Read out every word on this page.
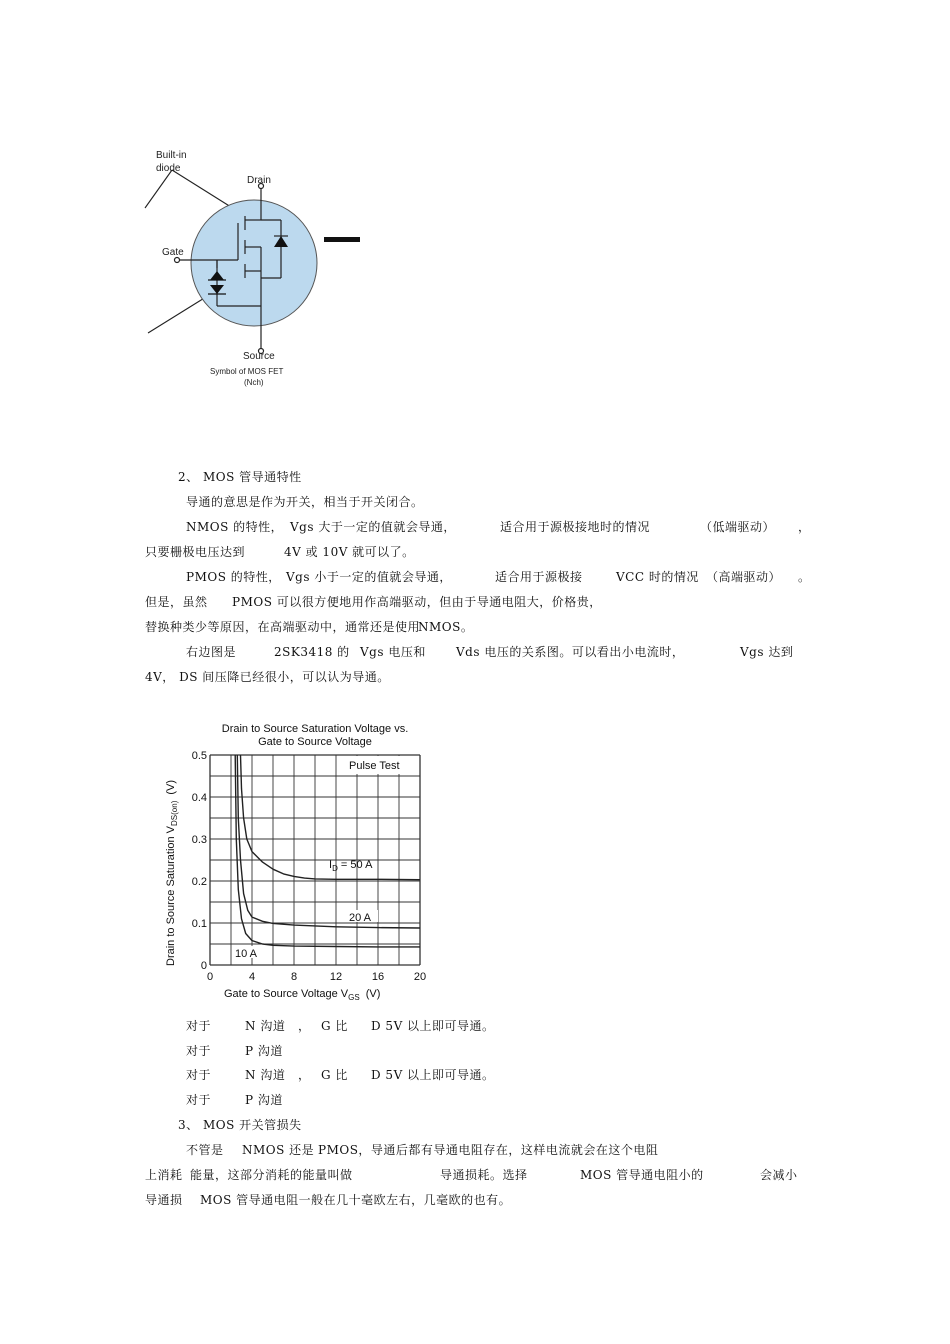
Built-in
diode
Drain
Gate
Source
Symbol of MOS FET
(Nch)
2、 MOS 管导通特性
导通的意思是作为开关，相当于开关闭合。
NMOS 的特性， Vgs 大于一定的值就会导通，	适合用于源极接地时的情况	（低端驱动） ，
只要栅极电压达到	4V 或 10V 就可以了。
PMOS 的特性， Vgs 小于一定的值就会导通，	适合用于源极接	VCC 时的情况 （高端驱动） 。
但是，虽然 PMOS 可以很方便地用作高端驱动，但由于导通电阻大，价格贵，
替换种类少等原因，在高端驱动中，通常还是使用
NMOS。
右边图是	2SK3418 的 Vgs 电压和	Vds 电压的关系图。可以看出小电流时，	Vgs 达到
4V， DS 间压降已经很小，可以认为导通。
Drain to Source Saturation Voltage vs.
Gate to Source Voltage
0	4	8	12	16	20
0
0.1
0.2
0.3
0.4
0.5
Pulse Test
$I_D = 50$ A
20 A
10 A
Gate to Source Voltage $V_{GS}$ (V)
Drain to Source Saturation $V_{DS(on)}(V)$
对于	N 沟道 ， G 比 D 5V 以上即可导通。
对于	P 沟道
对于	N 沟道 ， G 比 D 5V 以上即可导通。
对于	P 沟道
3、 MOS 开关管损失
不管是 NMOS 还是 PMOS，导通后都有导通电阻存在，这样电流就会在这个电阻
上消耗 能量，这部分消耗的能量叫做	导通损耗。选择	MOS 管导通电阻小的	会减小
导通损 MOS 管导通电阻一般在几十毫欧左右，几毫欧的也有。
